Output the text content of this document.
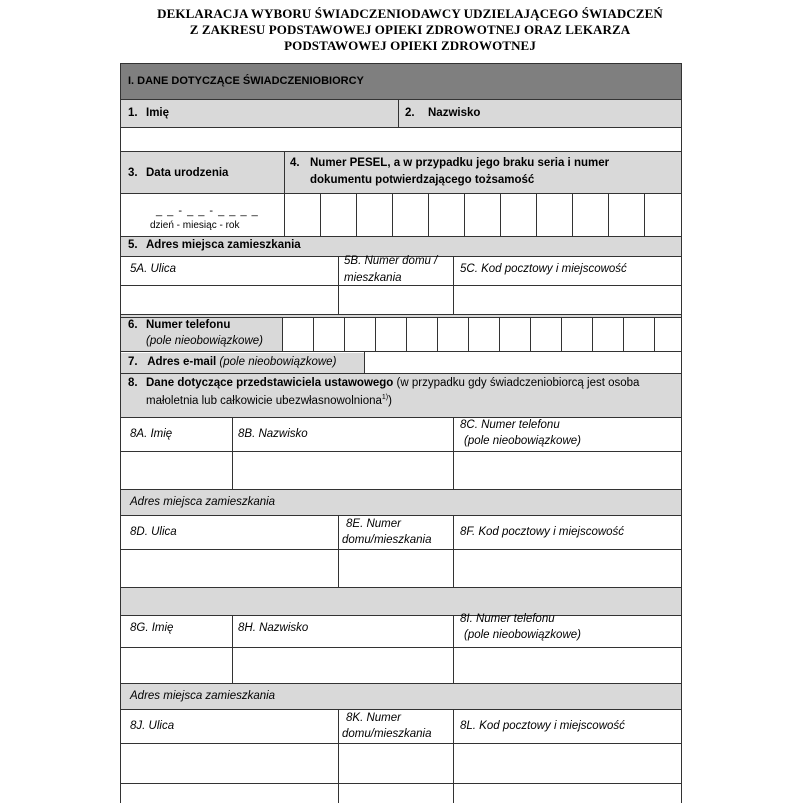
DEKLARACJA WYBORU ŚWIADCZENIODAWCY UDZIELAJĄCEGO ŚWIADCZEŃ
Z ZAKRESU PODSTAWOWEJ OPIEKI ZDROWOTNEJ ORAZ LEKARZA
PODSTAWOWEJ OPIEKI ZDROWOTNEJ
I. DANE DOTYCZĄCE ŚWIADCZENIOBIORCY
1. Imię	2. Nazwisko
3. Data urodzenia
4. Numer PESEL, a w przypadku jego braku seria i numer
dokumentu potwierdzającego tożsamość
_ _ - _ _ - _ _ _ _
dzień - miesiąc - rok
5. Adres miejsca zamieszkania
5A. Ulica
5B. Numer domu /
mieszkania
5C. Kod pocztowy i miejscowość
6. Numer telefonu
(pole nieobowiązkowe)
7. Adres e-mail (pole nieobowiązkowe)
8. Dane dotyczące przedstawiciela ustawowego (w przypadku gdy świadczeniobiorcą jest osoba
małoletnia lub całkowicie ubezwłasnowolniona$^{1)}$)
8A. Imię	8B. Nazwisko
8C. Numer telefonu
(pole nieobowiązkowe)
Adres miejsca zamieszkania
8D. Ulica
8E. Numer
domu/mieszkania
8F. Kod pocztowy i miejscowość
8G. Imię	8H. Nazwisko
8I. Numer telefonu
(pole nieobowiązkowe)
Adres miejsca zamieszkania
8J. Ulica
8K. Numer
domu/mieszkania
8L. Kod pocztowy i miejscowość
